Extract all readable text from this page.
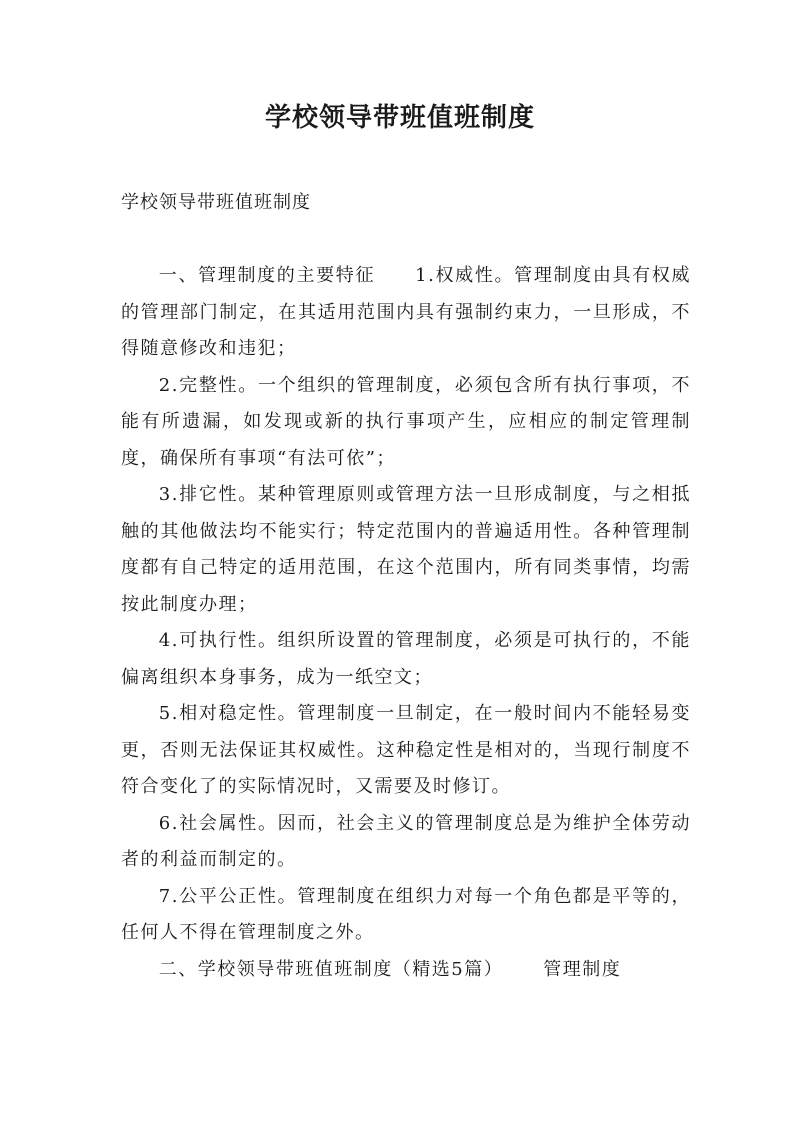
学校领导带班值班制度
学校领导带班值班制度

一、管理制度的主要特征 1.权威性。管理制度由具有权威的管理部门制定，在其适用范围内具有强制约束力，一旦形成，不得随意修改和违犯；

2.完整性。一个组织的管理制度，必须包含所有执行事项，不能有所遗漏，如发现或新的执行事项产生，应相应的制定管理制度，确保所有事项“有法可依”；

3.排它性。某种管理原则或管理方法一旦形成制度，与之相抵触的其他做法均不能实行；特定范围内的普遍适用性。各种管理制度都有自己特定的适用范围，在这个范围内，所有同类事情，均需按此制度办理；

4.可执行性。组织所设置的管理制度，必须是可执行的，不能偏离组织本身事务，成为一纸空文；

5.相对稳定性。管理制度一旦制定，在一般时间内不能轻易变更，否则无法保证其权威性。这种稳定性是相对的，当现行制度不符合变化了的实际情况时，又需要及时修订。

6.社会属性。因而，社会主义的管理制度总是为维护全体劳动者的利益而制定的。

7.公平公正性。管理制度在组织力对每一个角色都是平等的，任何人不得在管理制度之外。

二、学校领导带班值班制度（精选5篇） 管理制度
